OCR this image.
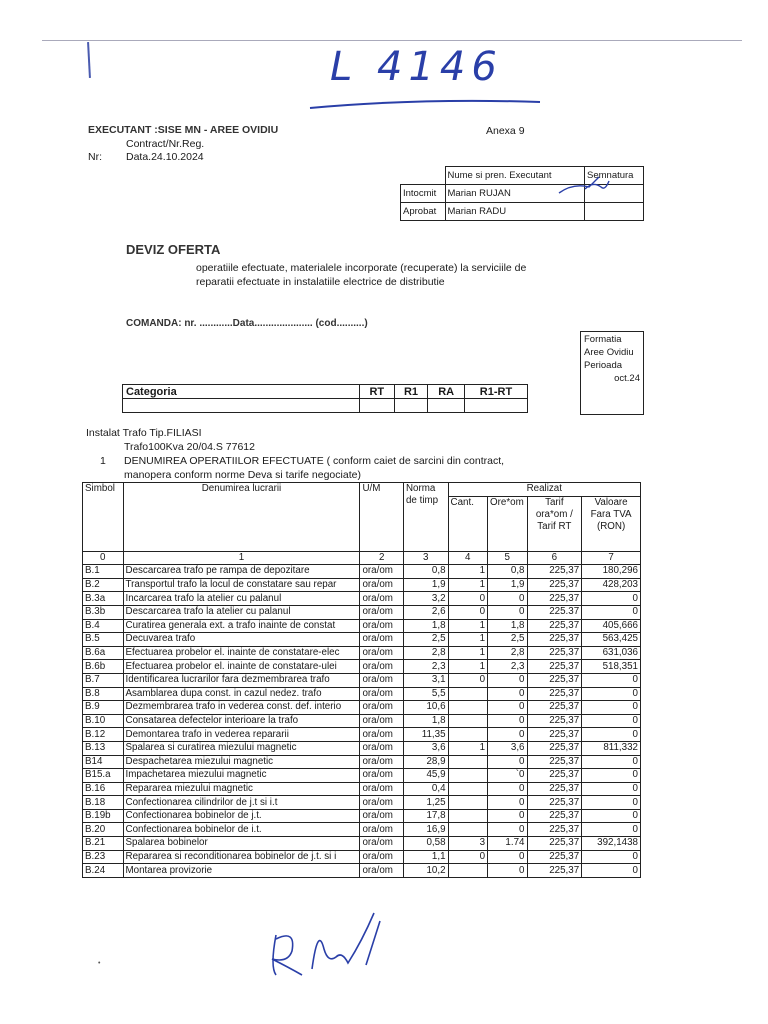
L 4146
EXECUTANT :SISE MN - AREE OVIDIU	Anexa 9
Contract/Nr.Reg.
Nr: Data.24.10.2024
	Nume si pren. Executant	Semnatura
Intocmit	Marian RUJAN	

Aprobat	Marian RADU	
DEVIZ OFERTA
operatiile efectuate, materialele incorporate (recuperate) la serviciile de
reparatii efectuate in instalatiile electrice de distributie
COMANDA: nr. ............Data..................... (cod..........)
Formatia
Aree Ovidiu
Perioada
oct.24
Categoria	RT	R1	RA	R1-RT

Instalat Trafo Tip.FILIASI
Trafo100Kva 20/04.S 77612
1 DENUMIREA OPERATIILOR EFECTUATE ( conform caiet de sarcini din contract,
manopera conform norme Deva si tarife negociate)
Simbol	Denumirea lucrarii	U/M	Norma de timp	Realizat			
				Cant.	Ore*om	Tarif ora*om / Tarif RT	Valoare Fara TVA (RON)
0	1	2	3	4	5	6	7
B.1	Descarcarea trafo pe rampa de depozitare	ora/om	0,8	1	0,8	225,37	180,296
B.2	Transportul trafo la locul de constatare sau repar	ora/om	1,9	1	1,9	225,37	428,203
B.3a	Incarcarea trafo la atelier cu palanul	ora/om	3,2	0	0	225,37	0
B.3b	Descarcarea trafo la atelier cu palanul	ora/om	2,6	0	0	225.37	0
B.4	Curatirea generala ext. a trafo inainte de constat	ora/om	1,8	1	1,8	225,37	405,666
B.5	Decuvarea trafo	ora/om	2,5	1	2,5	225,37	563,425
B.6a	Efectuarea probelor el. inainte de constatare-elec	ora/om	2,8	1	2,8	225,37	631,036
B.6b	Efectuarea probelor el. inainte de constatare-ulei	ora/om	2,3	1	2,3	225,37	518,351
B.7	Identificarea lucrarilor fara dezmembrarea trafo	ora/om	3,1	0	0	225,37	0
B.8	Asamblarea dupa const. in cazul nedez. trafo	ora/om	5,5		0	225,37	0
B.9	Dezmembrarea trafo in vederea const. def. interio	ora/om	10,6		0	225,37	0
B.10	Consatarea defectelor interioare la trafo	ora/om	1,8		0	225,37	0
B.12	Demontarea trafo in vederea repararii	ora/om	11,35		0	225,37	0
B.13	Spalarea si curatirea miezului magnetic	ora/om	3,6	1	3,6	225,37	811,332
B14	Despachetarea miezului magnetic	ora/om	28,9		0	225,37	0
B15.a	Impachetarea miezului magnetic	ora/om	45,9		`0	225,37	0
B.16	Repararea miezului magnetic	ora/om	0,4		0	225,37	0
B.18	Confectionarea cilindrilor de j.t si i.t	ora/om	1,25		0	225,37	0
B.19b	Confectionarea bobinelor de j.t.	ora/om	17,8		0	225,37	0
B.20	Confectionarea bobinelor de i.t.	ora/om	16,9		0	225,37	0
B.21	Spalarea bobinelor	ora/om	0,58	3	1.74	225,37	392,1438
B.23	Repararea si reconditionarea bobinelor de j.t. si i	ora/om	1,1	0	0	225,37	0
B.24	Montarea provizorie	ora/om	10,2		0	225,37	0
•
